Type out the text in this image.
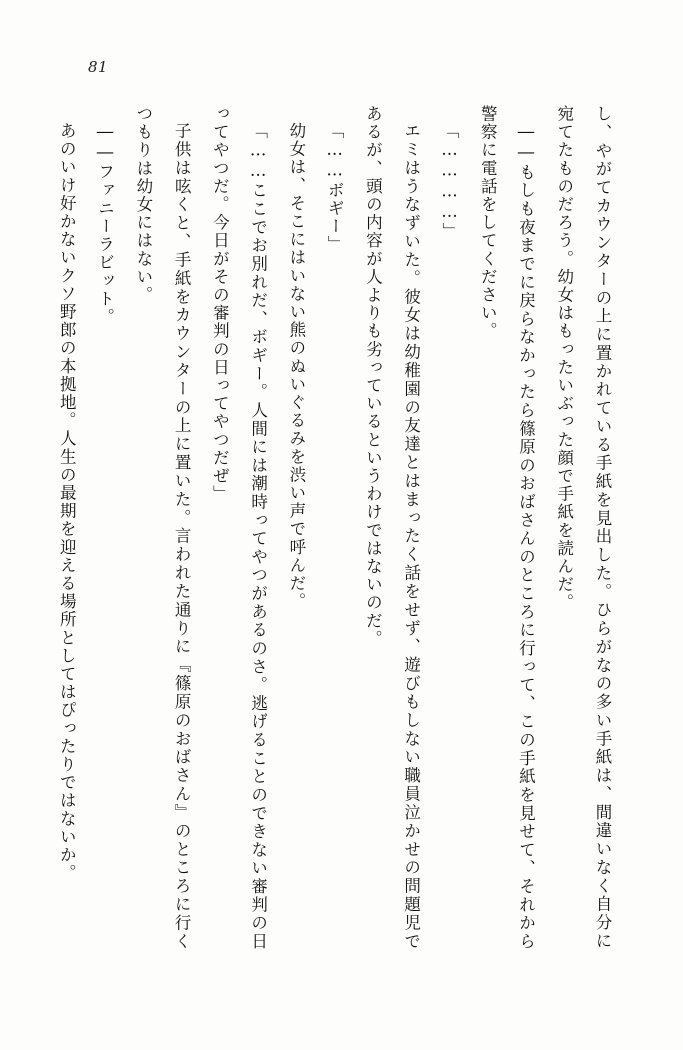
81

し、やがてカウンターの上に置かれている手紙を見出した。ひらがなの多い手紙は、間違いなく自分に宛てたものだろう。幼女はもったいぶった顔で手紙を読んだ。

――もしも夜までに戻らなかったら篠原のおばさんのところに行って、この手紙を見せて、それから警察に電話をしてください。

「…………」

エミはうなずいた。彼女は幼稚園の友達とはまったく話をせず、遊びもしない職員泣かせの問題児であるが、頭の内容が人よりも劣っているというわけではないのだ。

「……ボギー」

幼女は、そこにはいない熊のぬいぐるみを渋い声で呼んだ。

「……ここでお別れだ、ボギー。人間には潮時ってやつがあるのさ。逃げることのできない審判の日ってやつだ。今日がその審判の日ってやつだぜ」

子供は呟くと、手紙をカウンターの上に置いた。言われた通りに『篠原のおばさん』のところに行くつもりは幼女にはない。

――ファニーラビット。

あのいけ好かないクソ野郎の本拠地。人生の最期を迎える場所としてはぴったりではないか。
